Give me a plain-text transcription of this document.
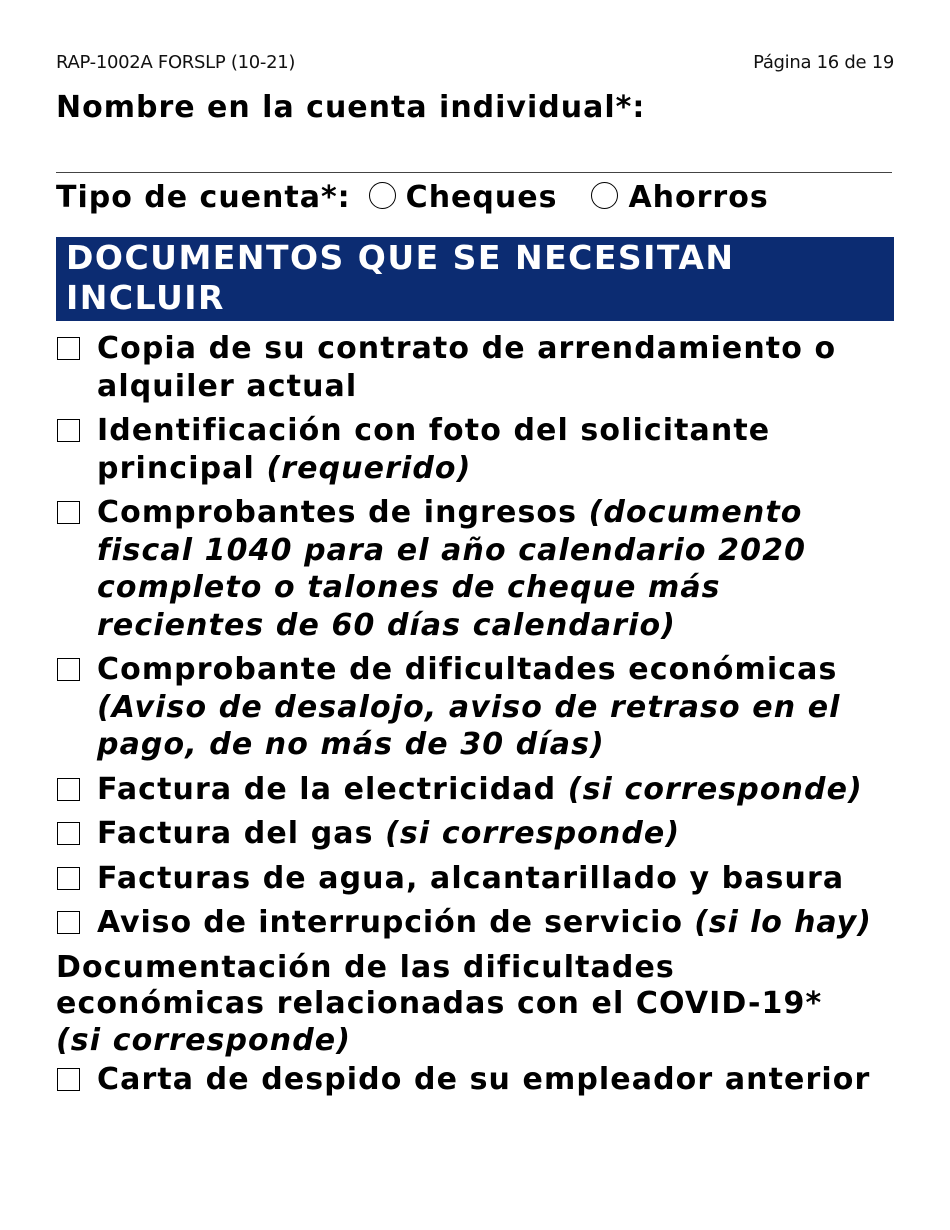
RAP-1002A FORSLP (10-21)	Página 16 de 19
Nombre en la cuenta individual*:
Tipo de cuenta*: Cheques Ahorros
DOCUMENTOS QUE SE NECESITAN
INCLUIR
Copia de su contrato de arrendamiento o alquiler actual
Identificación con foto del solicitante principal (requerido)
Comprobantes de ingresos (documento fiscal 1040 para el año calendario 2020 completo o talones de cheque más recientes de 60 días calendario)
Comprobante de dificultades económicas (Aviso de desalojo, aviso de retraso en el pago, de no más de 30 días)
Factura de la electricidad (si corresponde)
Factura del gas (si corresponde)
Facturas de agua, alcantarillado y basura
Aviso de interrupción de servicio (si lo hay)
Documentación de las dificultades económicas relacionadas con el COVID-19*
(si corresponde)
Carta de despido de su empleador anterior
